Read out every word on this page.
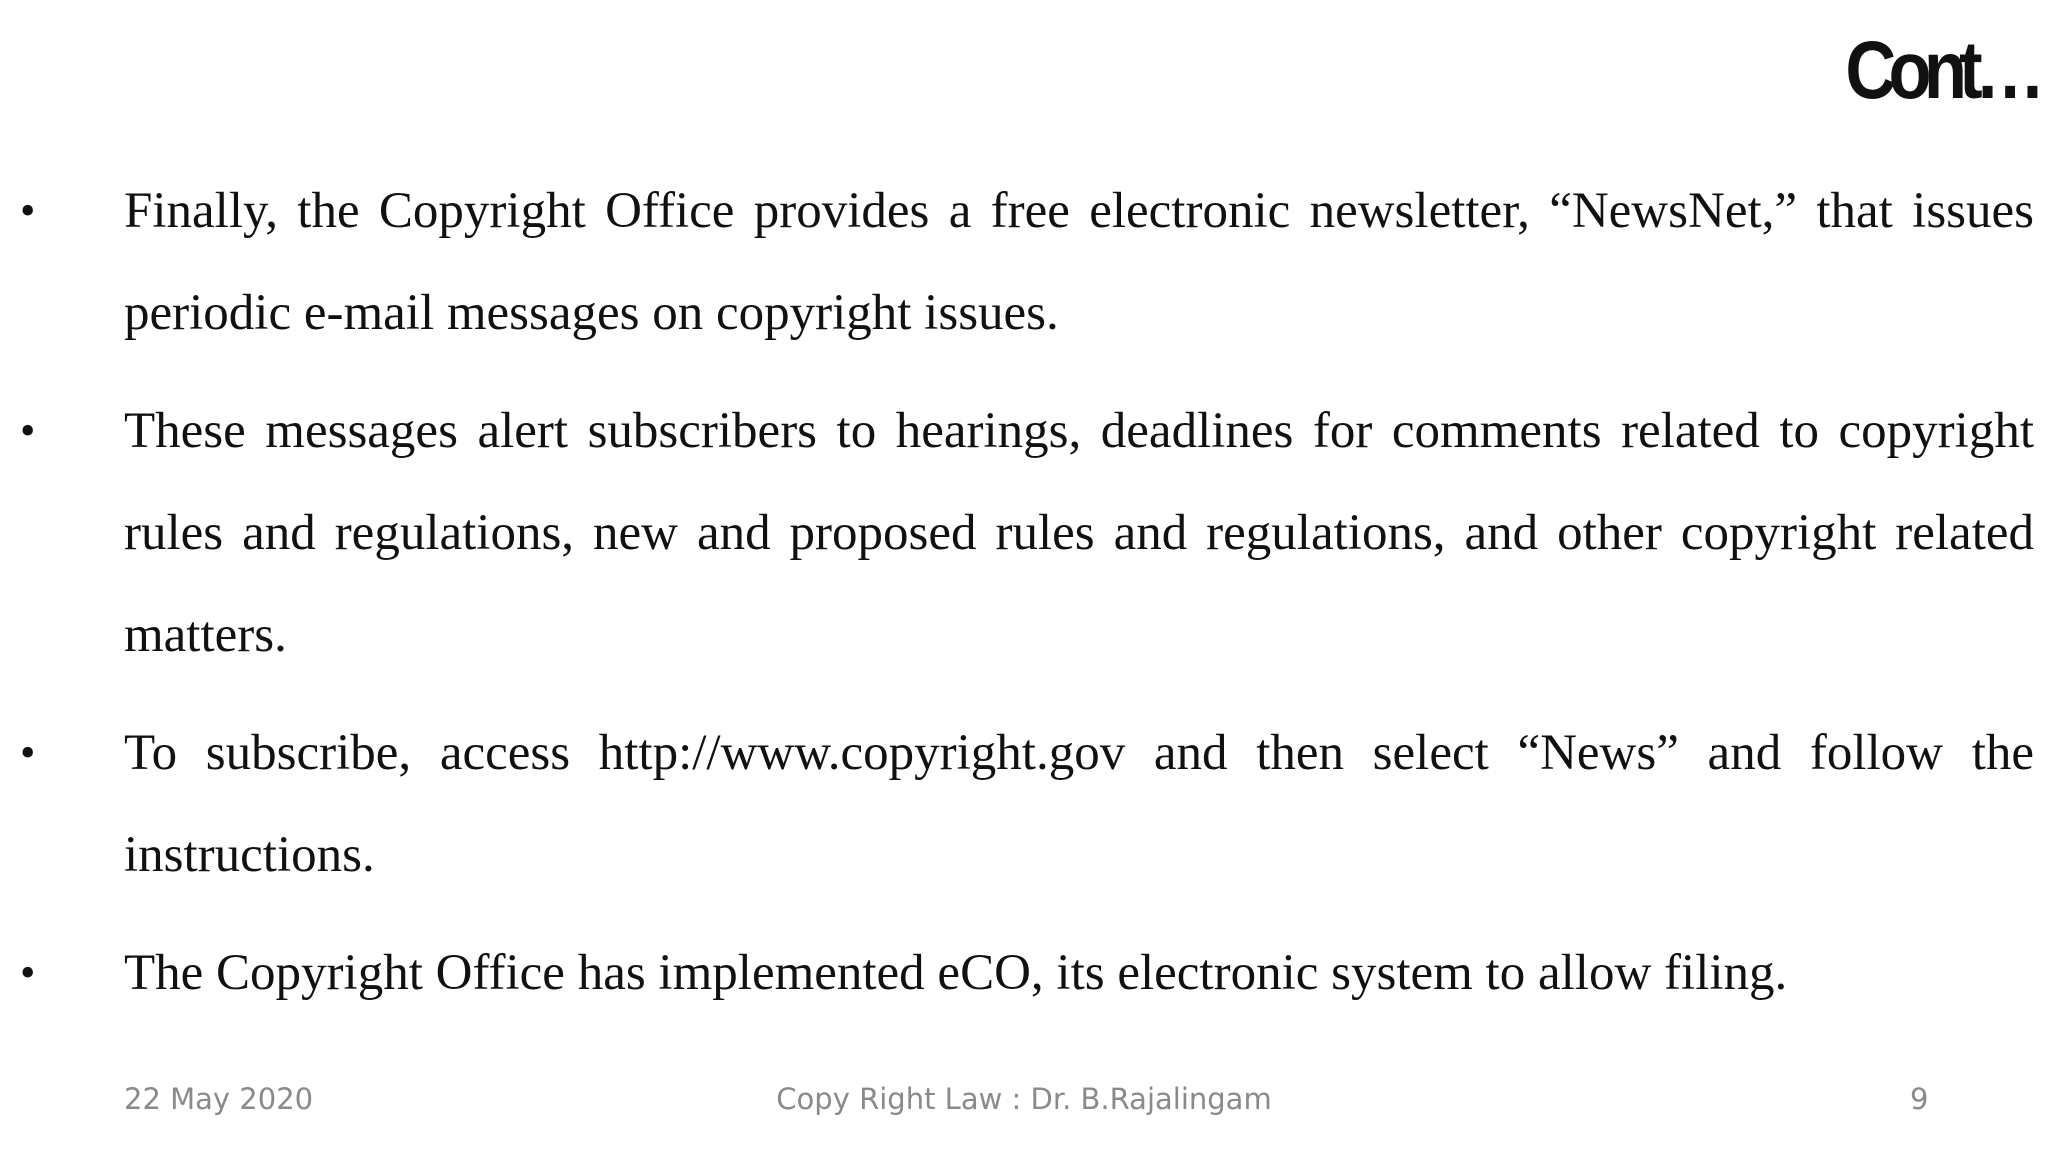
Cont…
• Finally, the Copyright Office provides a free electronic newsletter, “NewsNet,” that issues periodic e-mail messages on copyright issues.
• These messages alert subscribers to hearings, deadlines for comments related to copyright rules and regulations, new and proposed rules and regulations, and other copyright related matters.
• To subscribe, access http://www.copyright.gov and then select “News” and follow the instructions.
• The Copyright Office has implemented eCO, its electronic system to allow filing.
22 May 2020	Copy Right Law : Dr. B.Rajalingam	9
